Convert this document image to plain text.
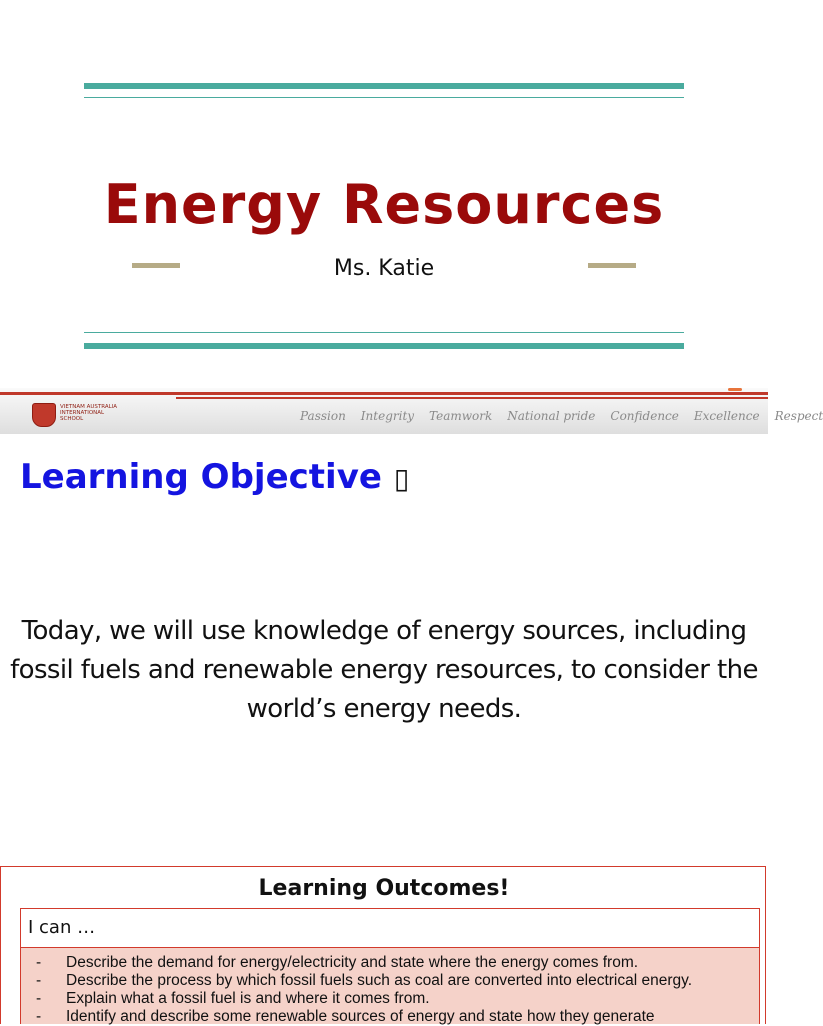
Energy Resources
Ms. Katie
VIETNAM AUSTRALIA INTERNATIONAL SCHOOL	Passion Integrity Teamwork National pride Confidence Excellence Respect
Learning Objective ▯
Today, we will use knowledge of energy sources, including fossil fuels and renewable energy resources, to consider the world’s energy needs.
Learning Outcomes!
I can …
-	Describe the demand for energy/electricity and state where the energy comes from.
-	Describe the process by which fossil fuels such as coal are converted into electrical energy.
-	Explain what a fossil fuel is and where it comes from.
-	Identify and describe some renewable sources of energy and state how they generate
